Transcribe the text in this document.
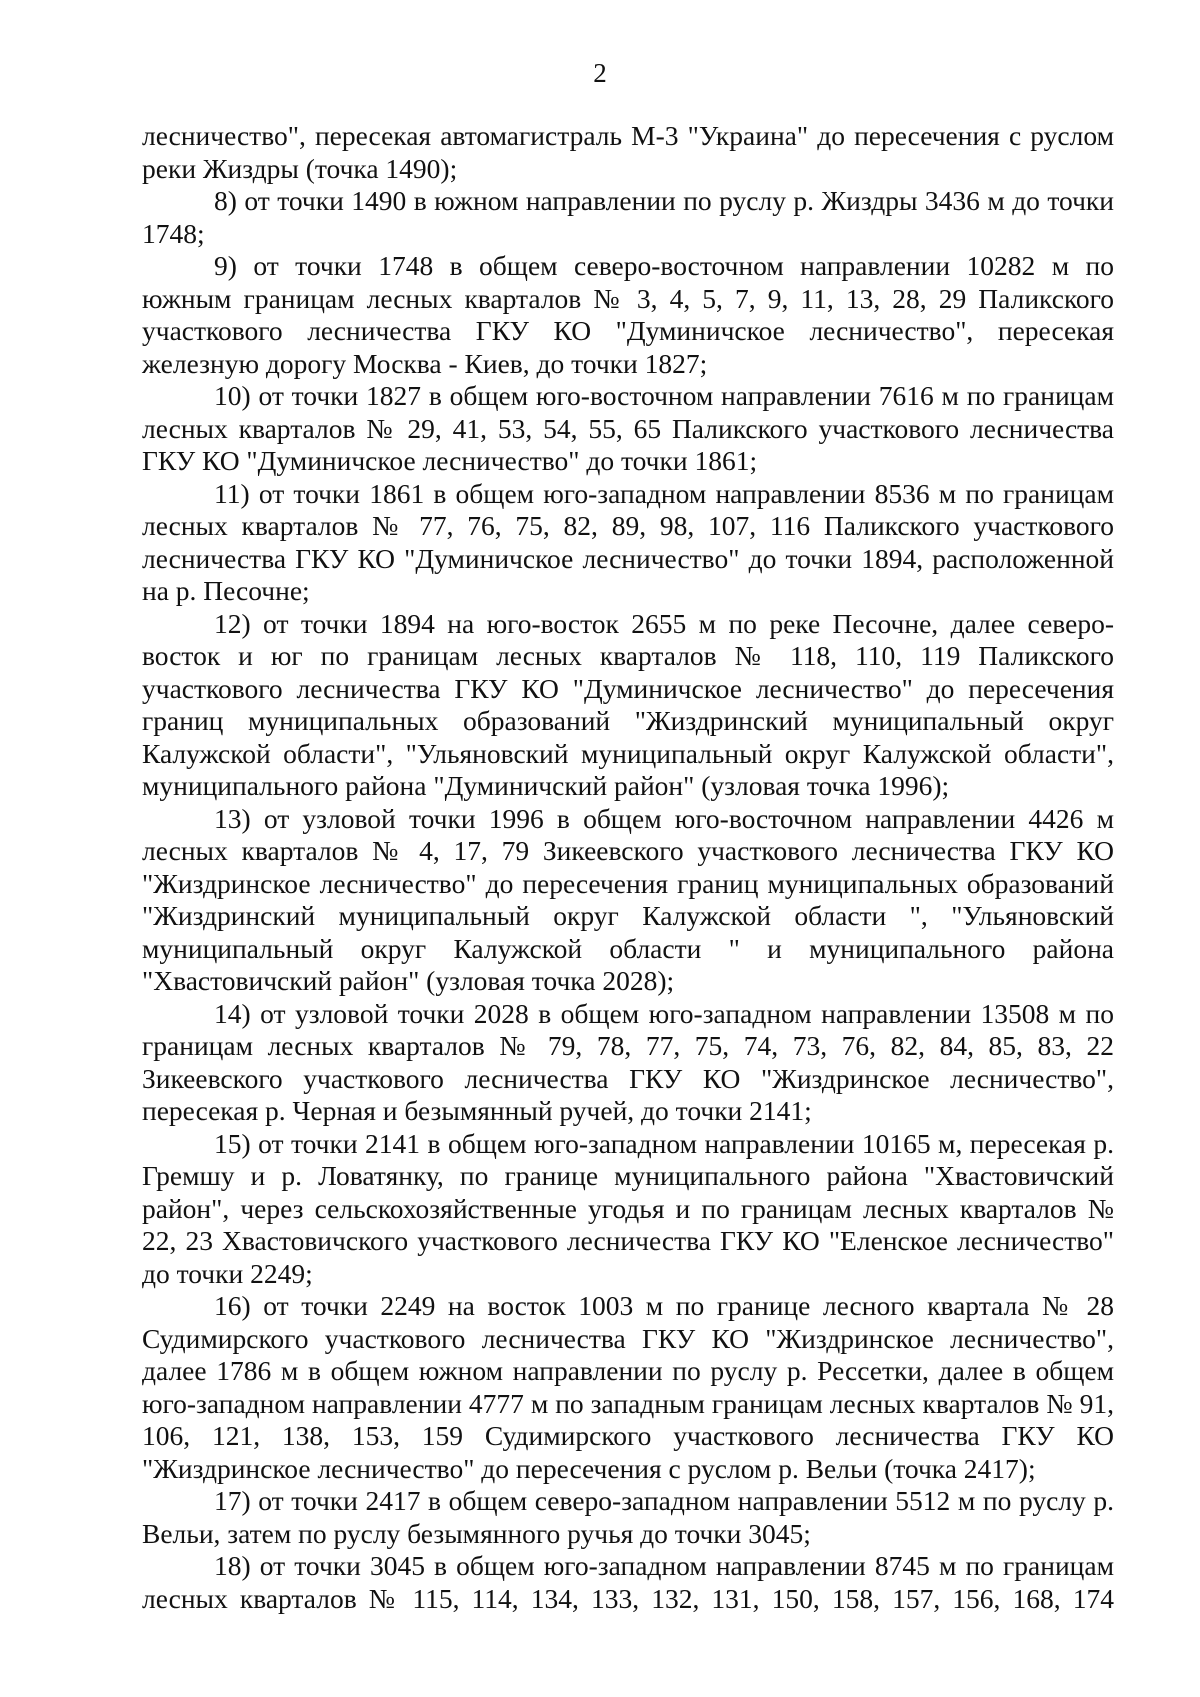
2

лесничество", пересекая автомагистраль М-3 "Украина" до пересечения с руслом реки Жиздры (точка 1490);

8) от точки 1490 в южном направлении по руслу р. Жиздры 3436 м до точки 1748;

9) от точки 1748 в общем северо-восточном направлении 10282 м по южным границам лесных кварталов № 3, 4, 5, 7, 9, 11, 13, 28, 29 Паликского участкового лесничества ГКУ КО "Думиничское лесничество", пересекая железную дорогу Москва - Киев, до точки 1827;

10) от точки 1827 в общем юго-восточном направлении 7616 м по границам лесных кварталов № 29, 41, 53, 54, 55, 65 Паликского участкового лесничества ГКУ КО "Думиничское лесничество" до точки 1861;

11) от точки 1861 в общем юго-западном направлении 8536 м по границам лесных кварталов № 77, 76, 75, 82, 89, 98, 107, 116 Паликского участкового лесничества ГКУ КО "Думиничское лесничество" до точки 1894, расположенной на р. Песочне;

12) от точки 1894 на юго-восток 2655 м по реке Песочне, далее северо-восток и юг по границам лесных кварталов № 118, 110, 119 Паликского участкового лесничества ГКУ КО "Думиничское лесничество" до пересечения границ муниципальных образований "Жиздринский муниципальный округ Калужской области", "Ульяновский муниципальный округ Калужской области", муниципального района "Думиничский район" (узловая точка 1996);

13) от узловой точки 1996 в общем юго-восточном направлении 4426 м лесных кварталов № 4, 17, 79 Зикеевского участкового лесничества ГКУ КО "Жиздринское лесничество" до пересечения границ муниципальных образований "Жиздринский муниципальный округ Калужской области ", "Ульяновский муниципальный округ Калужской области " и муниципального района "Хвастовичский район" (узловая точка 2028);

14) от узловой точки 2028 в общем юго-западном направлении 13508 м по границам лесных кварталов № 79, 78, 77, 75, 74, 73, 76, 82, 84, 85, 83, 22 Зикеевского участкового лесничества ГКУ КО "Жиздринское лесничество", пересекая р. Черная и безымянный ручей, до точки 2141;

15) от точки 2141 в общем юго-западном направлении 10165 м, пересекая р. Гремшу и р. Ловатянку, по границе муниципального района "Хвастовичский район", через сельскохозяйственные угодья и по границам лесных кварталов № 22, 23 Хвастовичского участкового лесничества ГКУ КО "Еленское лесничество" до точки 2249;

16) от точки 2249 на восток 1003 м по границе лесного квартала № 28 Судимирского участкового лесничества ГКУ КО "Жиздринское лесничество", далее 1786 м в общем южном направлении по руслу р. Рессетки, далее в общем юго-западном направлении 4777 м по западным границам лесных кварталов № 91, 106, 121, 138, 153, 159 Судимирского участкового лесничества ГКУ КО "Жиздринское лесничество" до пересечения с руслом р. Вельи (точка 2417);

17) от точки 2417 в общем северо-западном направлении 5512 м по руслу р. Вельи, затем по руслу безымянного ручья до точки 3045;

18) от точки 3045 в общем юго-западном направлении 8745 м по границам лесных кварталов № 115, 114, 134, 133, 132, 131, 150, 158, 157, 156, 168, 174
